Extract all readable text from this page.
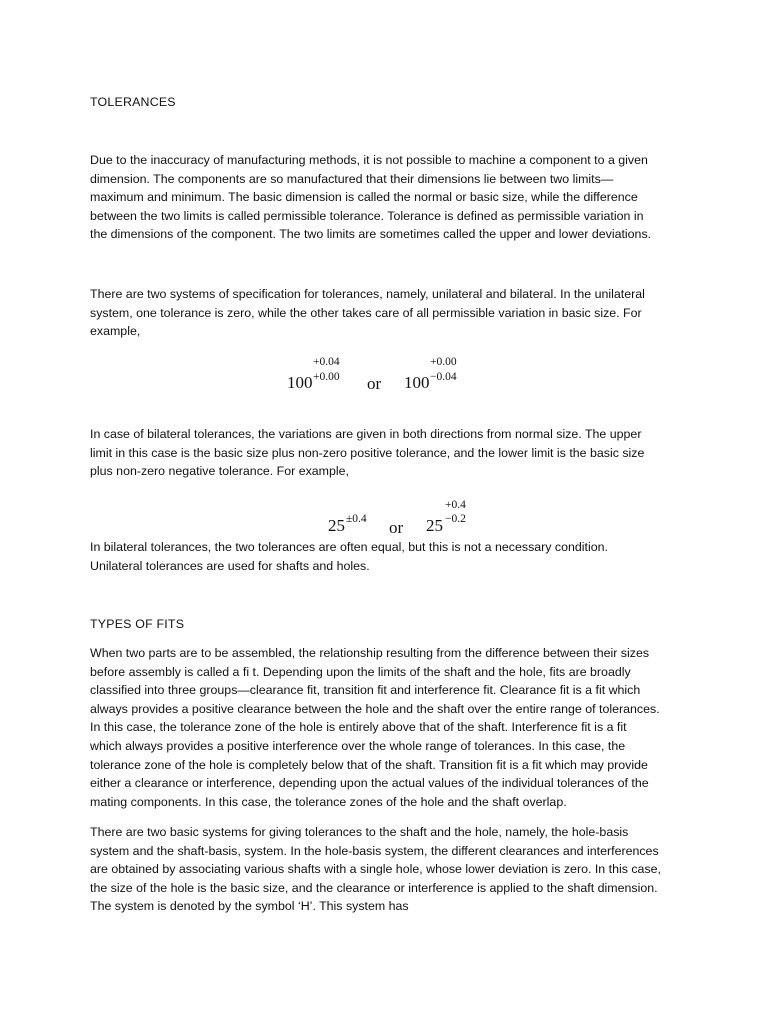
TOLERANCES
Due to the inaccuracy of manufacturing methods, it is not possible to machine a component to a given
dimension. The components are so manufactured that their dimensions lie between two limits—
maximum and minimum. The basic dimension is called the normal or basic size, while the difference
between the two limits is called permissible tolerance. Tolerance is defined as permissible variation in
the dimensions of the component. The two limits are sometimes called the upper and lower deviations.
There are two systems of specification for tolerances, namely, unilateral and bilateral. In the unilateral
system, one tolerance is zero, while the other takes care of all permissible variation in basic size. For
example,
100
+0.04
+0.00 or 100
+0.00
−0.04
In case of bilateral tolerances, the variations are given in both directions from normal size. The upper
limit in this case is the basic size plus non-zero positive tolerance, and the lower limit is the basic size
plus non-zero negative tolerance. For example,
25 ±0.4 or 25
+0.4
−0.2
In bilateral tolerances, the two tolerances are often equal, but this is not a necessary condition.
Unilateral tolerances are used for shafts and holes.
TYPES OF FITS
When two parts are to be assembled, the relationship resulting from the difference between their sizes
before assembly is called a fi t. Depending upon the limits of the shaft and the hole, fits are broadly
classified into three groups—clearance fit, transition fit and interference fit. Clearance fit is a fit which
always provides a positive clearance between the hole and the shaft over the entire range of tolerances.
In this case, the tolerance zone of the hole is entirely above that of the shaft. Interference fit is a fit
which always provides a positive interference over the whole range of tolerances. In this case, the
tolerance zone of the hole is completely below that of the shaft. Transition fit is a fit which may provide
either a clearance or interference, depending upon the actual values of the individual tolerances of the
mating components. In this case, the tolerance zones of the hole and the shaft overlap.
There are two basic systems for giving tolerances to the shaft and the hole, namely, the hole-basis
system and the shaft-basis, system. In the hole-basis system, the different clearances and interferences
are obtained by associating various shafts with a single hole, whose lower deviation is zero. In this case,
the size of the hole is the basic size, and the clearance or interference is applied to the shaft dimension.
The system is denoted by the symbol ‘H’. This system has
